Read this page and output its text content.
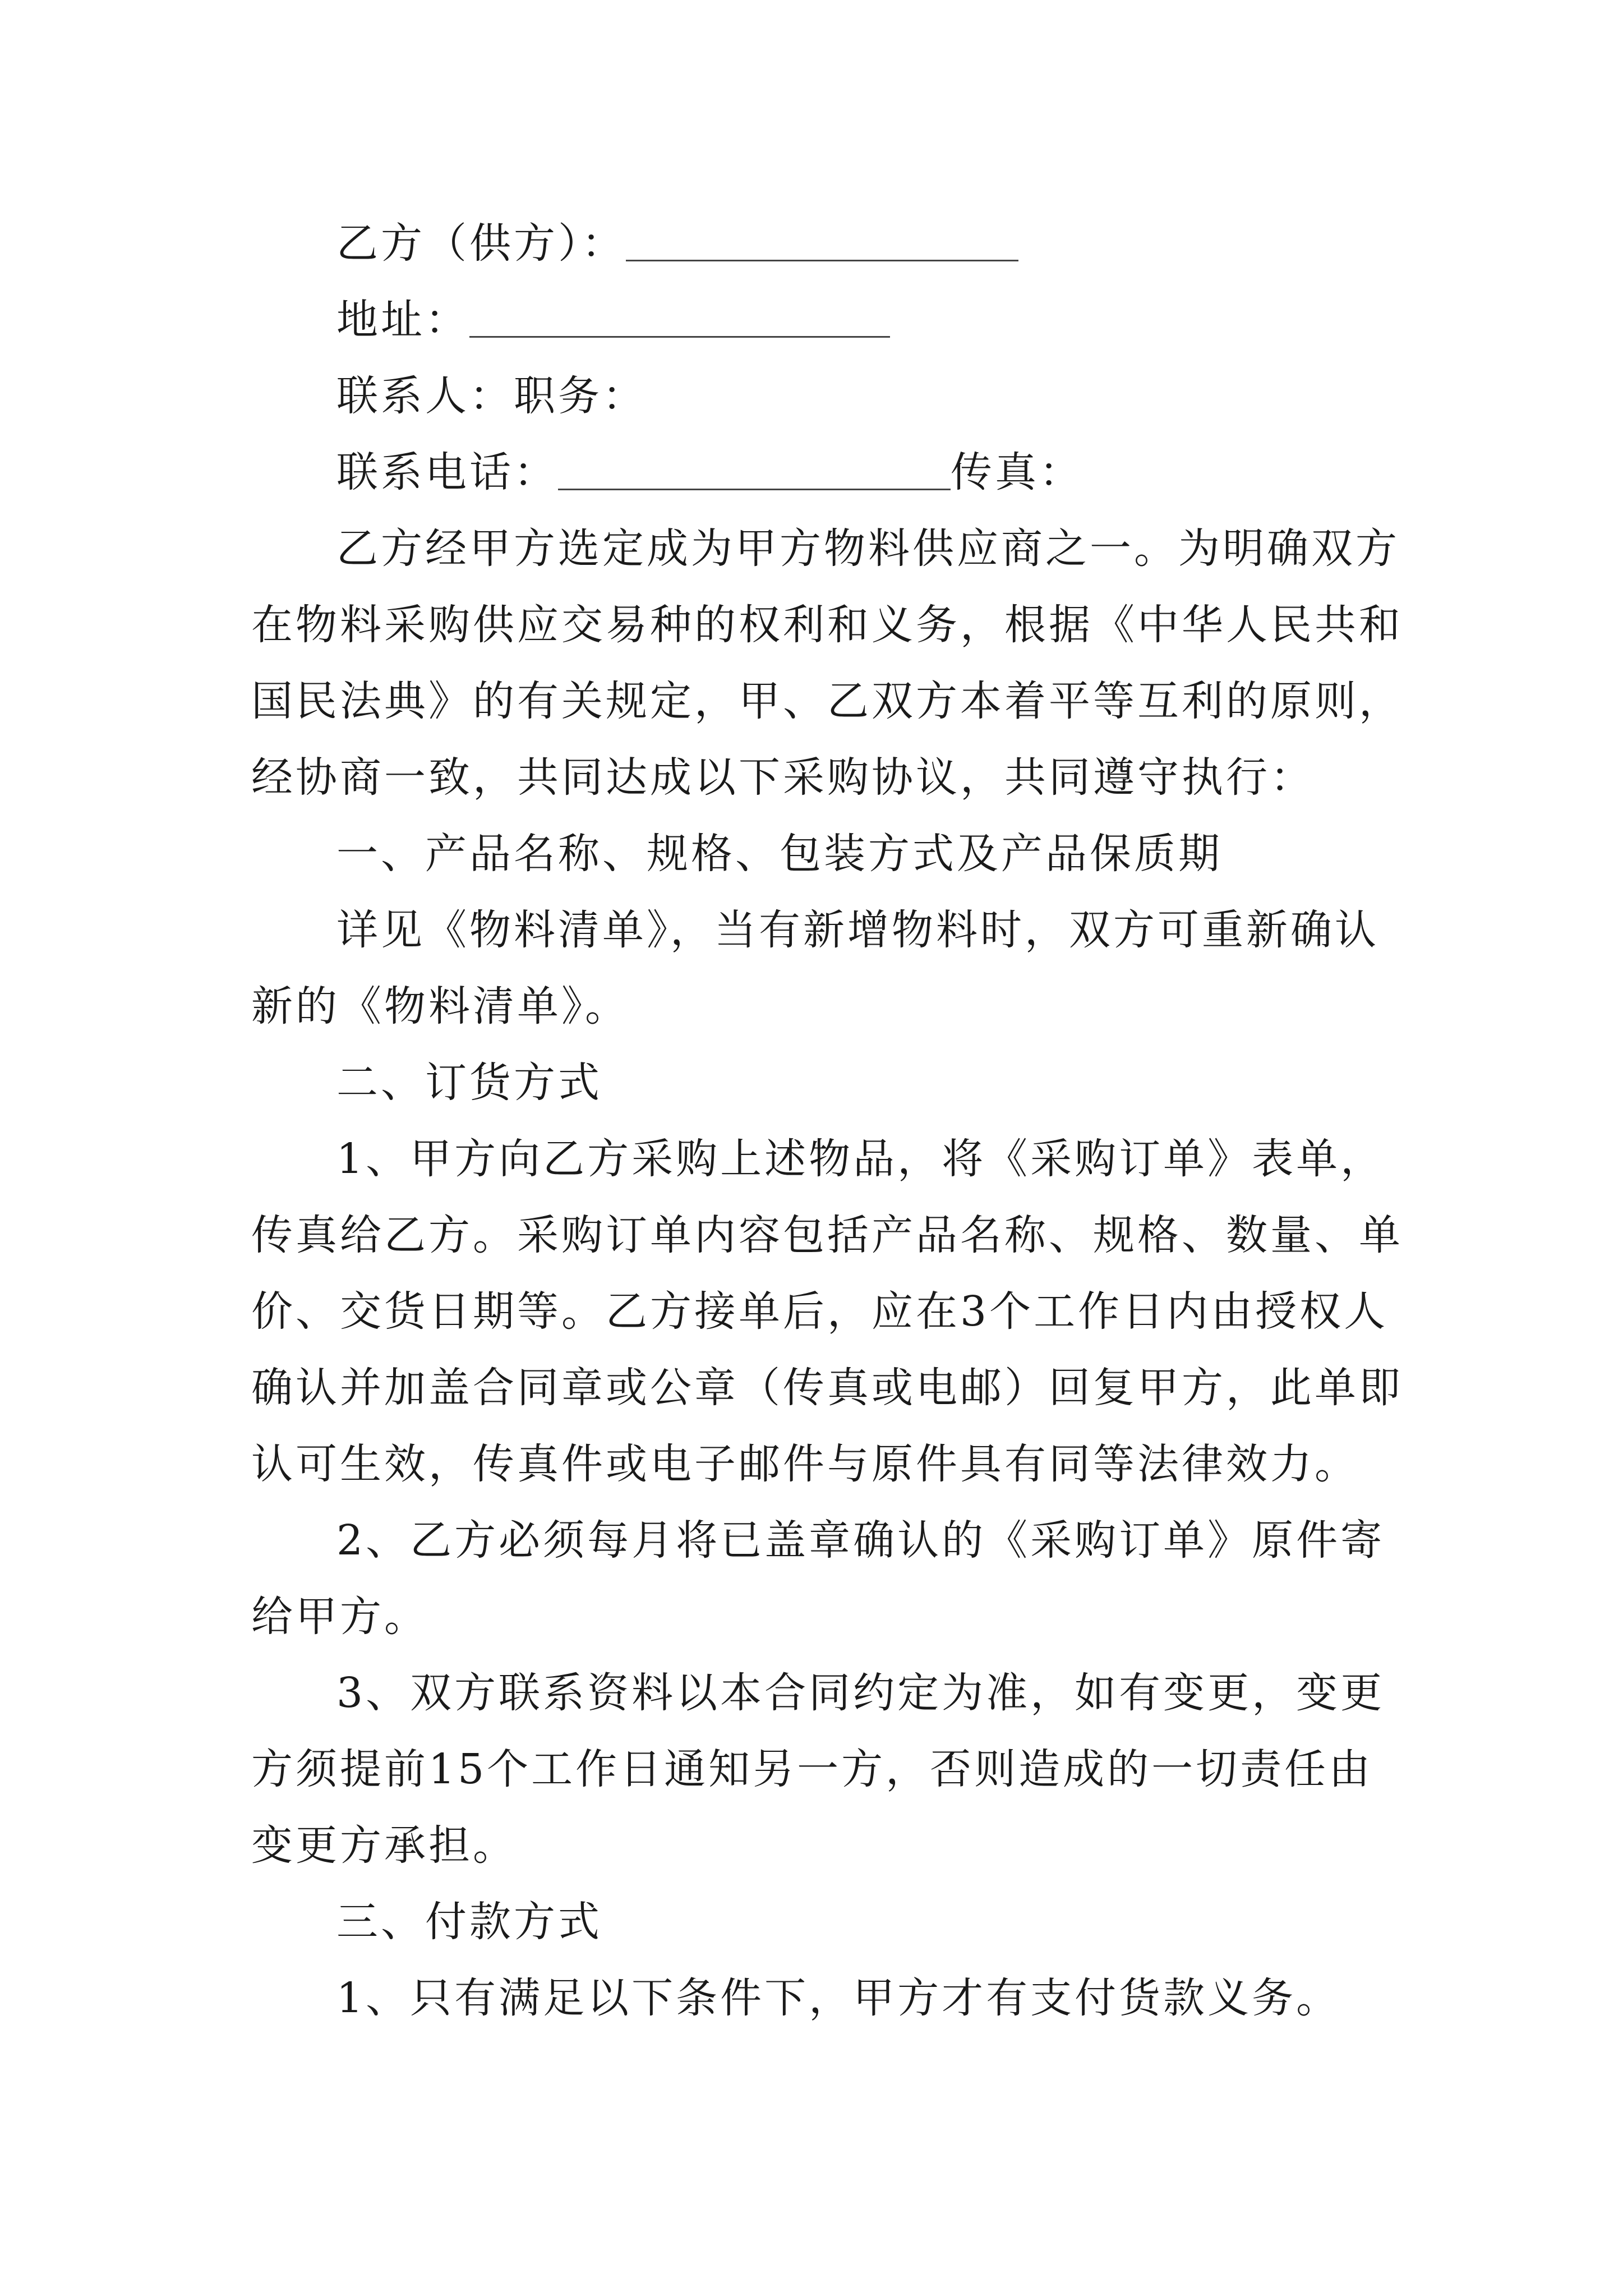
乙方（供方）：
地址：
联系人：职务：
联系电话：	传真：
乙方经甲方选定成为甲方物料供应商之一。为明确双方
在物料采购供应交易种的权利和义务，根据《中华人民共和
国民法典》的有关规定，甲、乙双方本着平等互利的原则，
经协商一致，共同达成以下采购协议，共同遵守执行：
一、产品名称、规格、包装方式及产品保质期
详见《物料清单》，当有新增物料时，双方可重新确认
新的《物料清单》。
二、订货方式
1、甲方向乙方采购上述物品，将《采购订单》表单，
传真给乙方。采购订单内容包括产品名称、规格、数量、单
价、交货日期等。乙方接单后，应在3个工作日内由授权人
确认并加盖合同章或公章（传真或电邮）回复甲方，此单即
认可生效，传真件或电子邮件与原件具有同等法律效力。
2、乙方必须每月将已盖章确认的《采购订单》原件寄
给甲方。
3、双方联系资料以本合同约定为准，如有变更，变更
方须提前15个工作日通知另一方，否则造成的一切责任由
变更方承担。
三、付款方式
1、只有满足以下条件下，甲方才有支付货款义务。
